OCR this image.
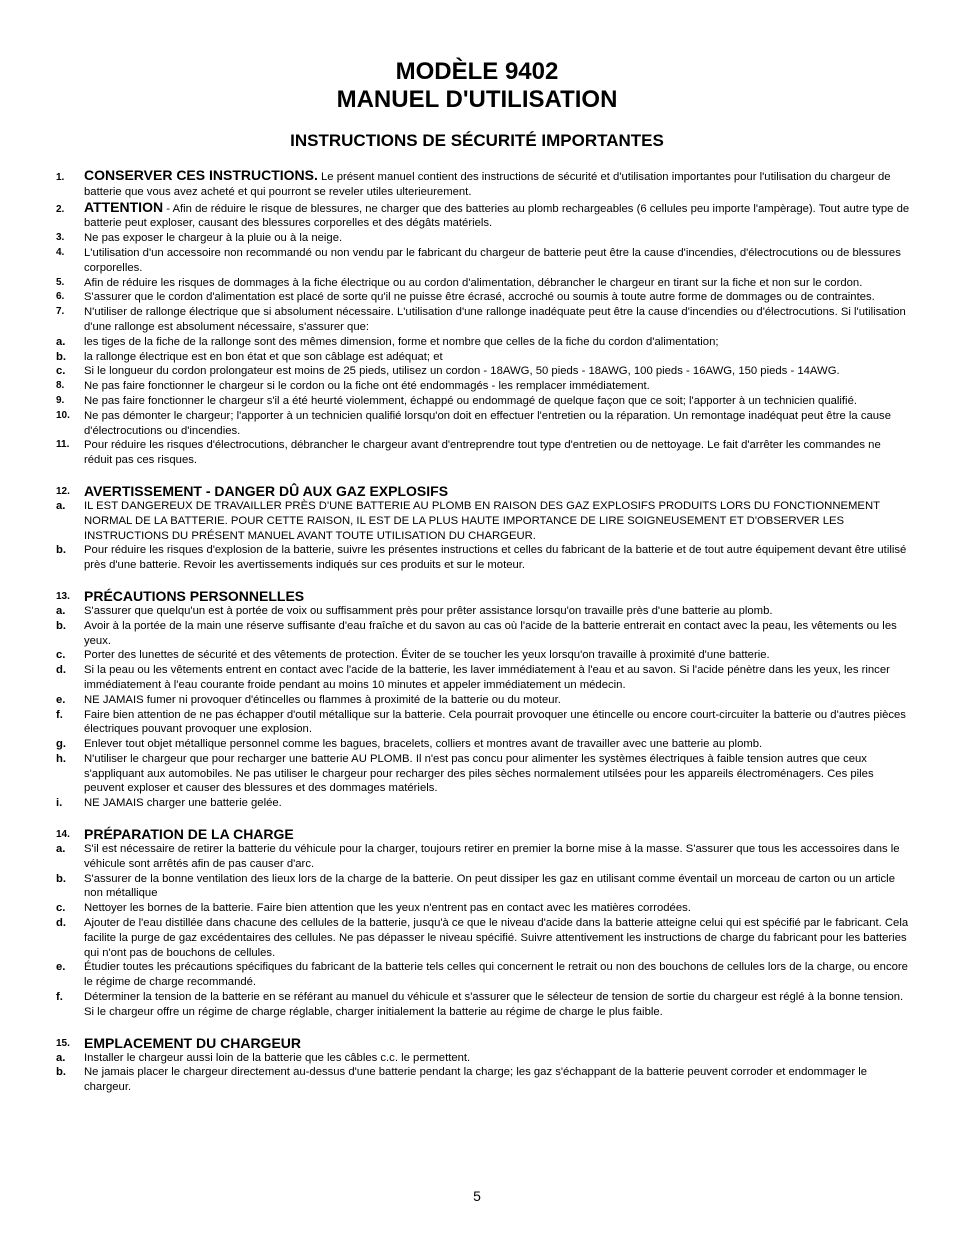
MODÈLE 9402
MANUEL D'UTILISATION
INSTRUCTIONS DE SÉCURITÉ IMPORTANTES
1. CONSERVER CES INSTRUCTIONS. Le présent manuel contient des instructions de sécurité et d'utilisation importantes pour l'utilisation du chargeur de batterie que vous avez acheté et qui pourront se reveler utiles ulterieurement.
2. ATTENTION - Afin de réduire le risque de blessures, ne charger que des batteries au plomb rechargeables (6 cellules peu importe l'ampèrage). Tout autre type de batterie peut exploser, causant des blessures corporelles et des dégâts matériels.
3. Ne pas exposer le chargeur à la pluie ou à la neige.
4. L'utilisation d'un accessoire non recommandé ou non vendu par le fabricant du chargeur de batterie peut être la cause d'incendies, d'électrocutions ou de blessures corporelles.
5. Afin de réduire les risques de dommages à la fiche électrique ou au cordon d'alimentation, débrancher le chargeur en tirant sur la fiche et non sur le cordon.
6. S'assurer que le cordon d'alimentation est placé de sorte qu'il ne puisse être écrasé, accroché ou soumis à toute autre forme de dommages ou de contraintes.
7. N'utiliser de rallonge électrique que si absolument nécessaire. L'utilisation d'une rallonge inadéquate peut être la cause d'incendies ou d'électrocutions. Si l'utilisation d'une rallonge est absolument nécessaire, s'assurer que:
a. les tiges de la fiche de la rallonge sont des mêmes dimension, forme et nombre que celles de la fiche du cordon d'alimentation;
b. la rallonge électrique est en bon état et que son câblage est adéquat; et
c. Si le longueur du cordon prolongateur est moins de 25 pieds, utilisez un cordon - 18AWG, 50 pieds - 18AWG, 100 pieds - 16AWG, 150 pieds - 14AWG.
8. Ne pas faire fonctionner le chargeur si le cordon ou la fiche ont été endommagés - les remplacer immédiatement.
9. Ne pas faire fonctionner le chargeur s'il a été heurté violemment, échappé ou endommagé de quelque façon que ce soit; l'apporter à un technicien qualifié.
10. Ne pas démonter le chargeur; l'apporter à un technicien qualifié lorsqu'on doit en effectuer l'entretien ou la réparation. Un remontage inadéquat peut être la cause d'électrocutions ou d'incendies.
11. Pour réduire les risques d'électrocutions, débrancher le chargeur avant d'entreprendre tout type d'entretien ou de nettoyage. Le fait d'arrêter les commandes ne réduit pas ces risques.
12. AVERTISSEMENT - DANGER DÛ AUX GAZ EXPLOSIFS
a. IL EST DANGEREUX DE TRAVAILLER PRÈS D'UNE BATTERIE AU PLOMB EN RAISON DES GAZ EXPLOSIFS PRODUITS LORS DU FONCTIONNEMENT NORMAL DE LA BATTERIE. POUR CETTE RAISON, IL EST DE LA PLUS HAUTE IMPORTANCE DE LIRE SOIGNEUSEMENT ET D'OBSERVER LES INSTRUCTIONS DU PRÉSENT MANUEL AVANT TOUTE UTILISATION DU CHARGEUR.
b. Pour réduire les risques d'explosion de la batterie, suivre les présentes instructions et celles du fabricant de la batterie et de tout autre équipement devant être utilisé près d'une batterie. Revoir les avertissements indiqués sur ces produits et sur le moteur.
13. PRÉCAUTIONS PERSONNELLES
a. S'assurer que quelqu'un est à portée de voix ou suffisamment près pour prêter assistance lorsqu'on travaille près d'une batterie au plomb.
b. Avoir à la portée de la main une réserve suffisante d'eau fraîche et du savon au cas où l'acide de la batterie entrerait en contact avec la peau, les vêtements ou les yeux.
c. Porter des lunettes de sécurité et des vêtements de protection. Éviter de se toucher les yeux lorsqu'on travaille à proximité d'une batterie.
d. Si la peau ou les vêtements entrent en contact avec l'acide de la batterie, les laver immédiatement à l'eau et au savon. Si l'acide pénètre dans les yeux, les rincer immédiatement à l'eau courante froide pendant au moins 10 minutes et appeler immédiatement un médecin.
e. NE JAMAIS fumer ni provoquer d'étincelles ou flammes à proximité de la batterie ou du moteur.
f. Faire bien attention de ne pas échapper d'outil métallique sur la batterie. Cela pourrait provoquer une étincelle ou encore court-circuiter la batterie ou d'autres pièces électriques pouvant provoquer une explosion.
g. Enlever tout objet métallique personnel comme les bagues, bracelets, colliers et montres avant de travailler avec une batterie au plomb.
h. N'utiliser le chargeur que pour recharger une batterie AU PLOMB. Il n'est pas concu pour alimenter les systèmes électriques à faible tension autres que ceux s'appliquant aux automobiles. Ne pas utiliser le chargeur pour recharger des piles sèches normalement utilsées pour les appareils électroménagers. Ces piles peuvent exploser et causer des blessures et des dommages matériels.
i. NE JAMAIS charger une batterie gelée.
14. PRÉPARATION DE LA CHARGE
a. S'il est nécessaire de retirer la batterie du véhicule pour la charger, toujours retirer en premier la borne mise à la masse. S'assurer que tous les accessoires dans le véhicule sont arrêtés afin de pas causer d'arc.
b. S'assurer de la bonne ventilation des lieux lors de la charge de la batterie. On peut dissiper les gaz en utilisant comme éventail un morceau de carton ou un article non métallique
c. Nettoyer les bornes de la batterie. Faire bien attention que les yeux n'entrent pas en contact avec les matières corrodées.
d. Ajouter de l'eau distillée dans chacune des cellules de la batterie, jusqu'à ce que le niveau d'acide dans la batterie atteigne celui qui est spécifié par le fabricant. Cela facilite la purge de gaz excédentaires des cellules. Ne pas dépasser le niveau spécifié. Suivre attentivement les instructions de charge du fabricant pour les batteries qui n'ont pas de bouchons de cellules.
e. Étudier toutes les précautions spécifiques du fabricant de la batterie tels celles qui concernent le retrait ou non des bouchons de cellules lors de la charge, ou encore le régime de charge recommandé.
f. Déterminer la tension de la batterie en se référant au manuel du véhicule et s'assurer que le sélecteur de tension de sortie du chargeur est réglé à la bonne tension. Si le chargeur offre un régime de charge réglable, charger initialement la batterie au régime de charge le plus faible.
15. EMPLACEMENT DU CHARGEUR
a. Installer le chargeur aussi loin de la batterie que les câbles c.c. le permettent.
b. Ne jamais placer le chargeur directement au-dessus d'une batterie pendant la charge; les gaz s'échappant de la batterie peuvent corroder et endommager le chargeur.
5
